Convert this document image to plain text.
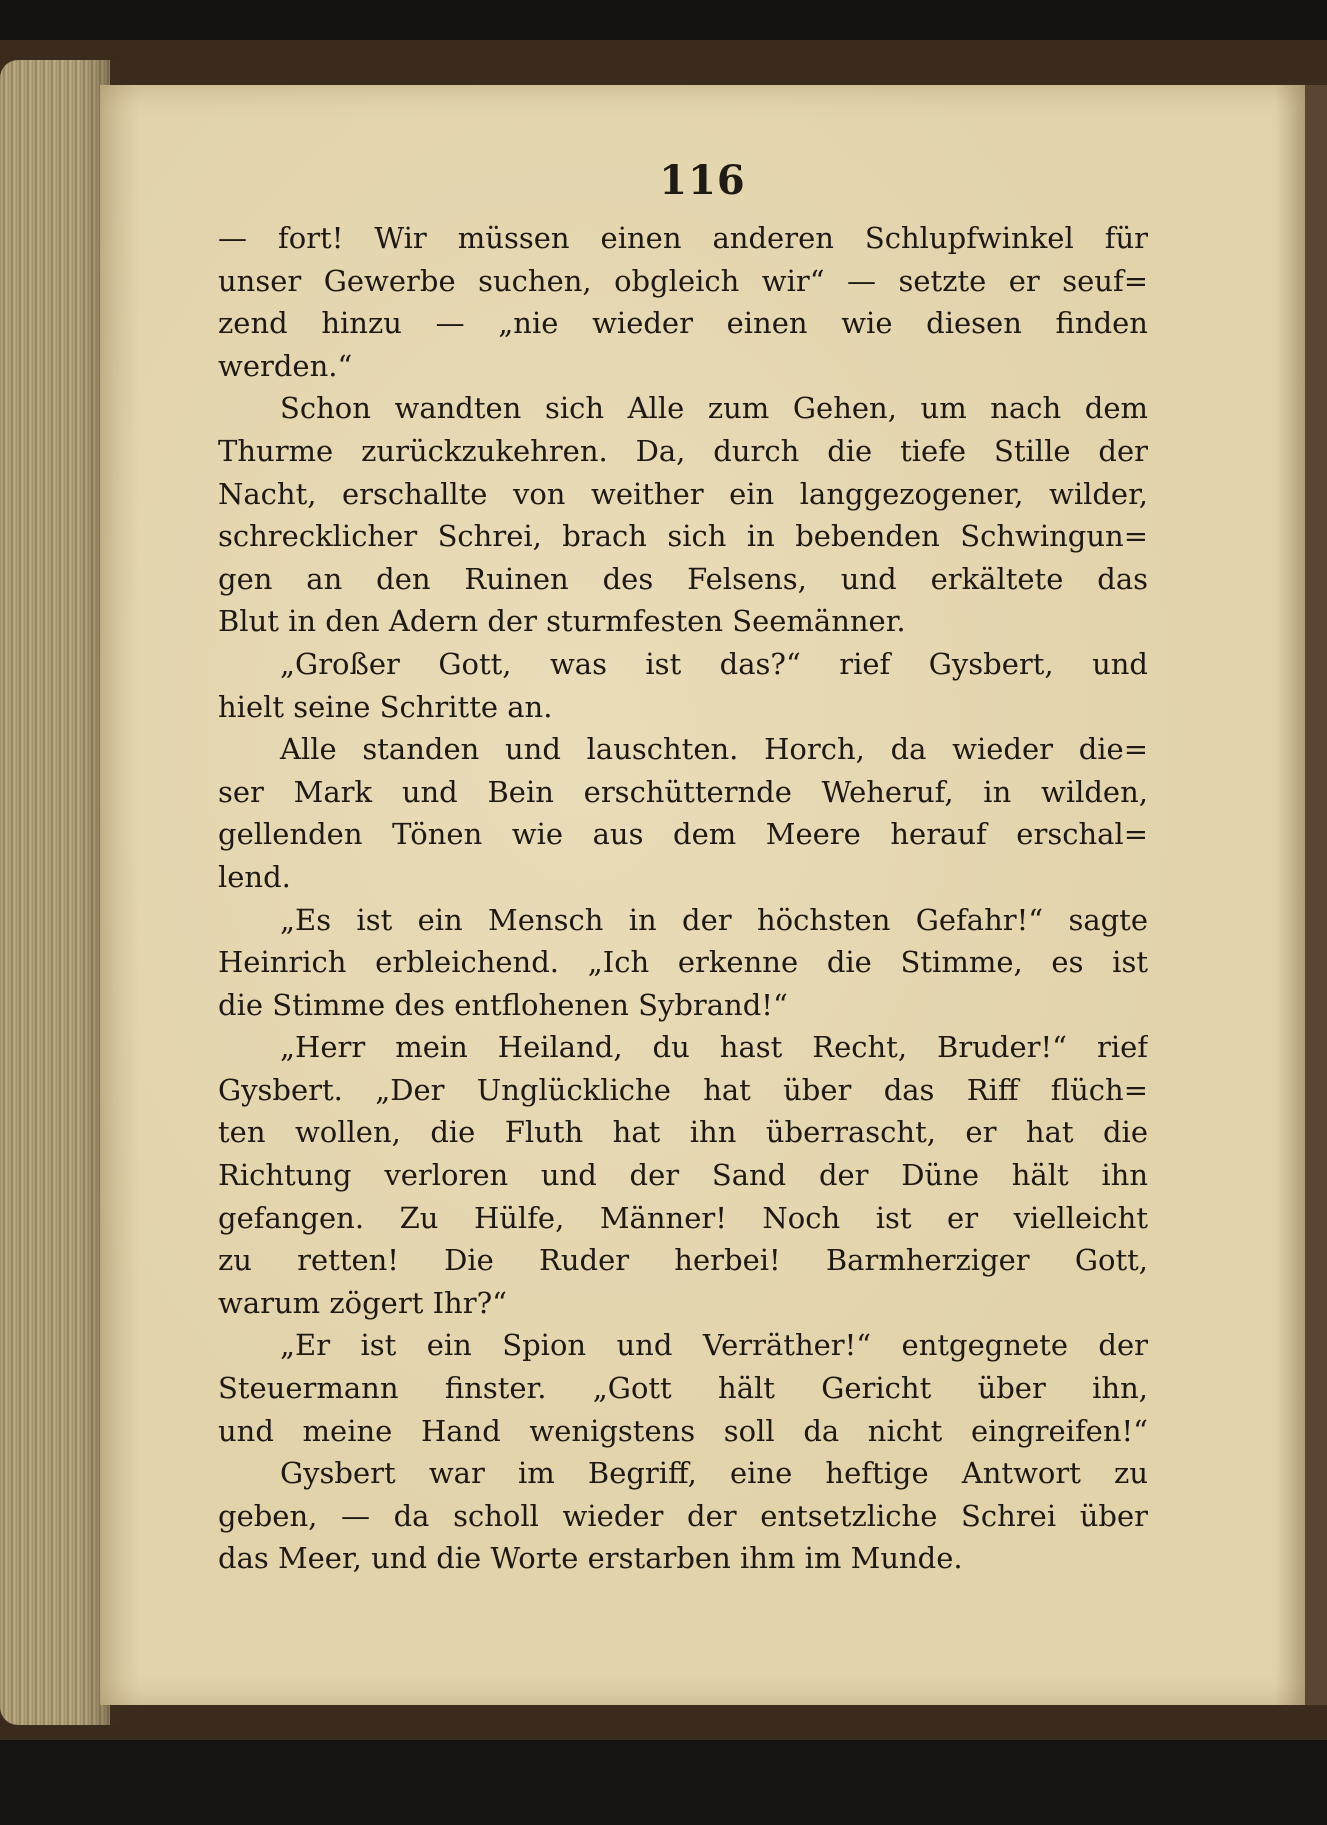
116
— fort! Wir müssen einen anderen Schlupfwinkel für
unser Gewerbe suchen, obgleich wir“ — setzte er seuf=
zend hinzu — „nie wieder einen wie diesen finden
werden.“
Schon wandten sich Alle zum Gehen, um nach dem
Thurme zurückzukehren. Da, durch die tiefe Stille der
Nacht, erschallte von weither ein langgezogener, wilder,
schrecklicher Schrei, brach sich in bebenden Schwingun=
gen an den Ruinen des Felsens, und erkältete das
Blut in den Adern der sturmfesten Seemänner.
„Großer Gott, was ist das?“ rief Gysbert, und
hielt seine Schritte an.
Alle standen und lauschten. Horch, da wieder die=
ser Mark und Bein erschütternde Weheruf, in wilden,
gellenden Tönen wie aus dem Meere herauf erschal=
lend.
„Es ist ein Mensch in der höchsten Gefahr!“ sagte
Heinrich erbleichend. „Ich erkenne die Stimme, es ist
die Stimme des entflohenen Sybrand!“
„Herr mein Heiland, du hast Recht, Bruder!“ rief
Gysbert. „Der Unglückliche hat über das Riff flüch=
ten wollen, die Fluth hat ihn überrascht, er hat die
Richtung verloren und der Sand der Düne hält ihn
gefangen. Zu Hülfe, Männer! Noch ist er vielleicht
zu retten! Die Ruder herbei! Barmherziger Gott,
warum zögert Ihr?“
„Er ist ein Spion und Verräther!“ entgegnete der
Steuermann finster. „Gott hält Gericht über ihn,
und meine Hand wenigstens soll da nicht eingreifen!“
Gysbert war im Begriff, eine heftige Antwort zu
geben, — da scholl wieder der entsetzliche Schrei über
das Meer, und die Worte erstarben ihm im Munde.
